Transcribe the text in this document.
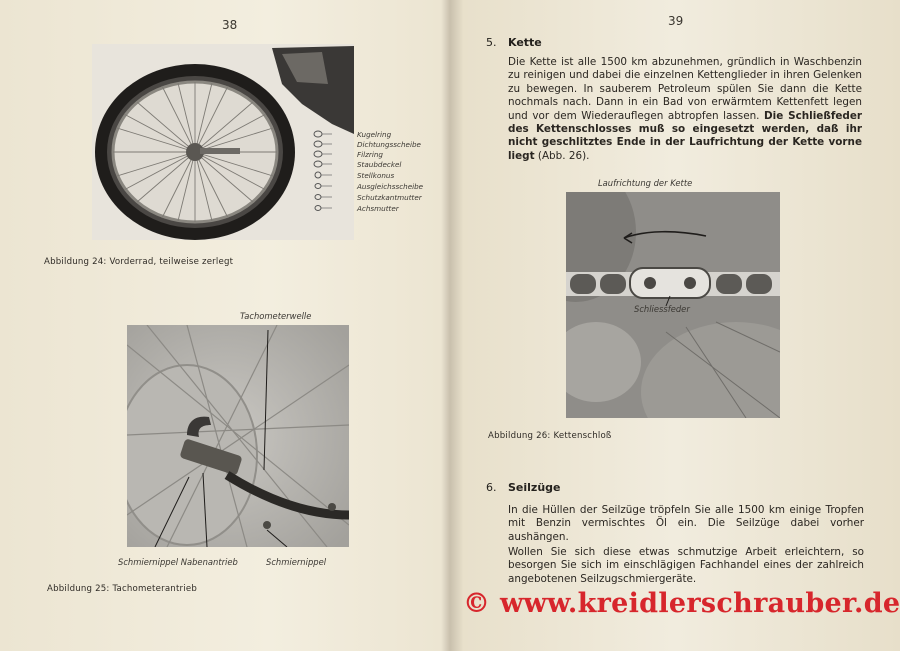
38
Kugelring
Dichtungsscheibe
Filzring
Staubdeckel
Stellkonus
Ausgleichsscheibe
Schutzkantmutter
Achsmutter
Abbildung 24: Vorderrad, teilweise zerlegt
Tachometerwelle
Schmiernippel Nabenantrieb	Schmiernippel
Abbildung 25: Tachometerantrieb
39
5. Kette
Die Kette ist alle 1500 km abzunehmen, gründlich in Waschbenzin zu reinigen und dabei die einzelnen Kettenglieder in ihren Gelenken zu bewegen. In sauberem Petroleum spülen Sie dann die Kette nochmals nach. Dann in ein Bad von erwärmtem Kettenfett legen und vor dem Wiederauflegen abtropfen lassen. Die Schließfeder des Kettenschlosses muß so eingesetzt werden, daß ihr nicht geschlitztes Ende in der Laufrichtung der Kette vorne liegt (Abb. 26).
Laufrichtung der Kette
Schliessfeder
Abbildung 26: Kettenschloß
6. Seilzüge
In die Hüllen der Seilzüge tröpfeln Sie alle 1500 km einige Tropfen mit Benzin vermischtes Öl ein. Die Seilzüge dabei vorher aushängen.
Wollen Sie sich diese etwas schmutzige Arbeit erleichtern, so besorgen Sie sich im einschlägigen Fachhandel eines der zahlreich angebotenen Seilzugschmiergeräte.
© www.kreidlerschrauber.de
